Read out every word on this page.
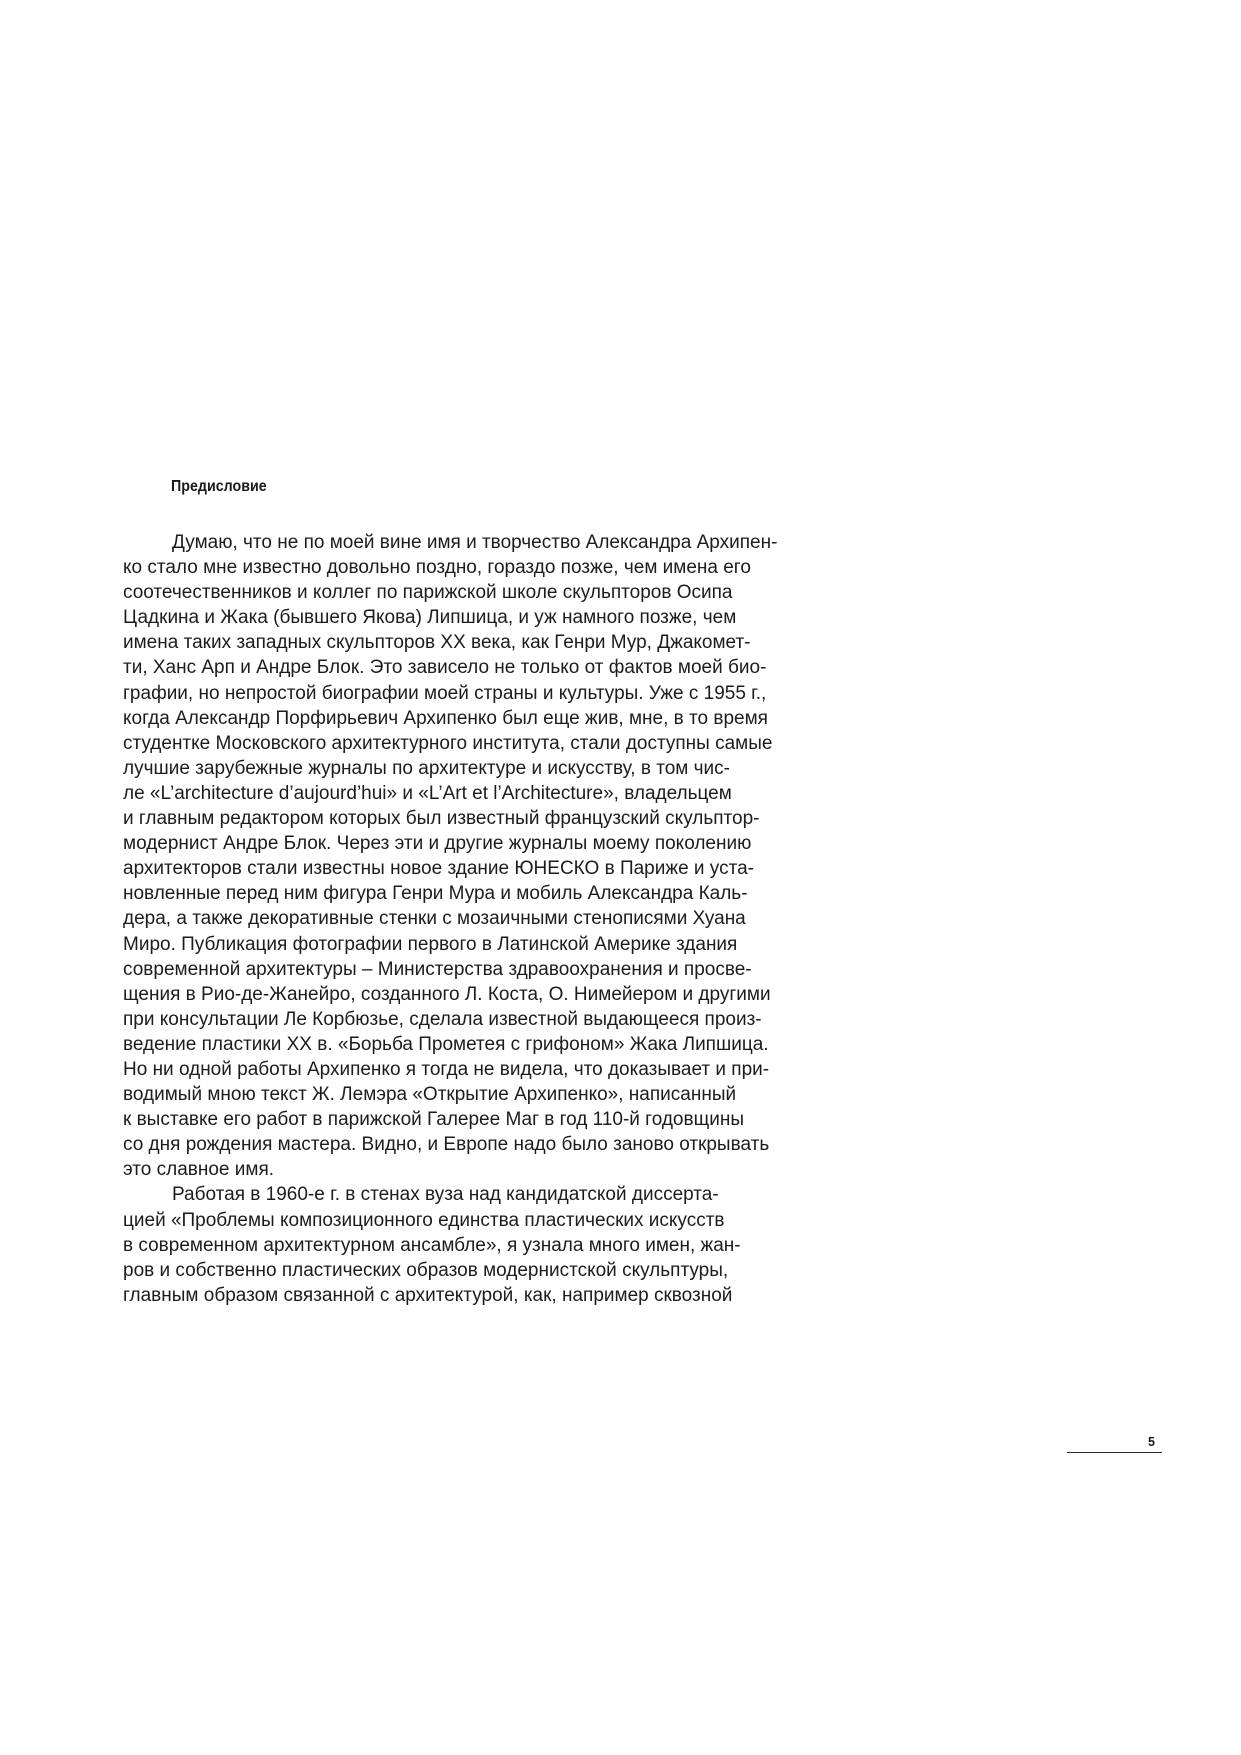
Предисловие
Думаю, что не по моей вине имя и творчество Александра Архипен-
ко стало мне известно довольно поздно, гораздо позже, чем имена его
соотечественников и коллег по парижской школе скульпторов Осипа
Цадкина и Жака (бывшего Якова) Липшица, и уж намного позже, чем
имена таких западных скульпторов XX века, как Генри Мур, Джакомет-
ти, Ханс Арп и Андре Блок. Это зависело не только от фактов моей био-
графии, но непростой биографии моей страны и культуры. Уже с 1955 г.,
когда Александр Порфирьевич Архипенко был еще жив, мне, в то время
студентке Московского архитектурного института, стали доступны самые
лучшие зарубежные журналы по архитектуре и искусству, в том чис-
ле «L’architecture d’aujourd’hui» и «L’Art et l’Architecture», владельцем
и главным редактором которых был известный французский скульптор-
модернист Андре Блок. Через эти и другие журналы моему поколению
архитекторов стали известны новое здание ЮНЕСКО в Париже и уста-
новленные перед ним фигура Генри Мура и мобиль Александра Каль-
дера, а также декоративные стенки с мозаичными стенописями Хуана
Миро. Публикация фотографии первого в Латинской Америке здания
современной архитектуры – Министерства здравоохранения и просве-
щения в Рио-де-Жанейро, созданного Л. Коста, О. Нимейером и другими
при консультации Ле Корбюзье, сделала известной выдающееся произ-
ведение пластики XX в. «Борьба Прометея с грифоном» Жака Липшица.
Но ни одной работы Архипенко я тогда не видела, что доказывает и при-
водимый мною текст Ж. Лемэра «Открытие Архипенко», написанный
к выставке его работ в парижской Галерее Маг в год 110-й годовщины
со дня рождения мастера. Видно, и Европе надо было заново открывать
это славное имя.
Работая в 1960-е г. в стенах вуза над кандидатской диссерта-
цией «Проблемы композиционного единства пластических искусств
в современном архитектурном ансамбле», я узнала много имен, жан-
ров и собственно пластических образов модернистской скульптуры,
главным образом связанной с архитектурой, как, например сквозной
5
